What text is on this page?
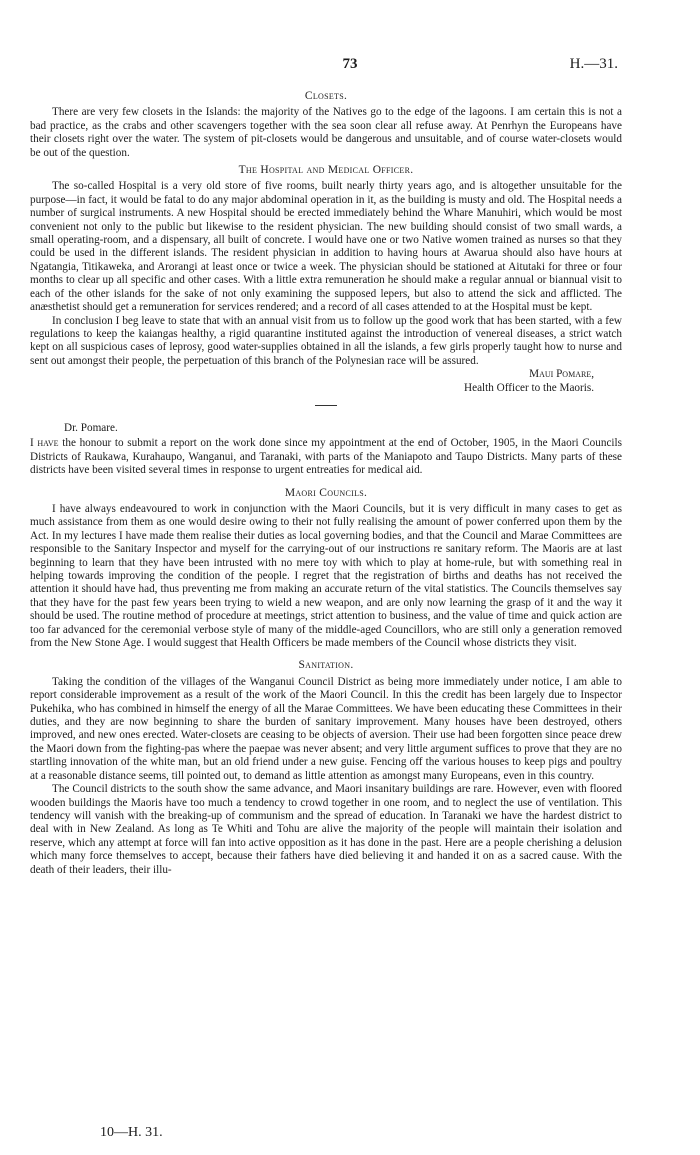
73	H.—31.
Closets.

There are very few closets in the Islands: the majority of the Natives go to the edge of the lagoons. I am certain this is not a bad practice, as the crabs and other scavengers together with the sea soon clear all refuse away. At Penrhyn the Europeans have their closets right over the water. The system of pit-closets would be dangerous and unsuitable, and of course water-closets would be out of the question.

The Hospital and Medical Officer.

The so-called Hospital is a very old store of five rooms, built nearly thirty years ago, and is altogether unsuitable for the purpose—in fact, it would be fatal to do any major abdominal operation in it, as the building is musty and old. The Hospital needs a number of surgical instruments. A new Hospital should be erected immediately behind the Whare Manuhiri, which would be most convenient not only to the public but likewise to the resident physician. The new building should consist of two small wards, a small operating-room, and a dispensary, all built of concrete. I would have one or two Native women trained as nurses so that they could be used in the different islands. The resident physician in addition to having hours at Awarua should also have hours at Ngatangia, Titikaweka, and Arorangi at least once or twice a week. The physician should be stationed at Aitutaki for three or four months to clear up all specific and other cases. With a little extra remuneration he should make a regular annual or biannual visit to each of the other islands for the sake of not only examining the supposed lepers, but also to attend the sick and afflicted. The anæsthetist should get a remuneration for services rendered; and a record of all cases attended to at the Hospital must be kept.

In conclusion I beg leave to state that with an annual visit from us to follow up the good work that has been started, with a few regulations to keep the kaiangas healthy, a rigid quarantine instituted against the introduction of venereal diseases, a strict watch kept on all suspicious cases of leprosy, good water-supplies obtained in all the islands, a few girls properly taught how to nurse and sent out amongst their people, the perpetuation of this branch of the Polynesian race will be assured.

Maui Pomare,
Health Officer to the Maoris.
Dr. Pomare.

I have the honour to submit a report on the work done since my appointment at the end of October, 1905, in the Maori Councils Districts of Raukawa, Kurahaupo, Wanganui, and Taranaki, with parts of the Maniapoto and Taupo Districts. Many parts of these districts have been visited several times in response to urgent entreaties for medical aid.

Maori Councils.

I have always endeavoured to work in conjunction with the Maori Councils, but it is very difficult in many cases to get as much assistance from them as one would desire owing to their not fully realising the amount of power conferred upon them by the Act. In my lectures I have made them realise their duties as local governing bodies, and that the Council and Marae Committees are responsible to the Sanitary Inspector and myself for the carrying-out of our instructions re sanitary reform. The Maoris are at last beginning to learn that they have been intrusted with no mere toy with which to play at home-rule, but with something real in helping towards improving the condition of the people. I regret that the registration of births and deaths has not received the attention it should have had, thus preventing me from making an accurate return of the vital statistics. The Councils themselves say that they have for the past few years been trying to wield a new weapon, and are only now learning the grasp of it and the way it should be used. The routine method of procedure at meetings, strict attention to business, and the value of time and quick action are too far advanced for the ceremonial verbose style of many of the middle-aged Councillors, who are still only a generation removed from the New Stone Age. I would suggest that Health Officers be made members of the Council whose districts they visit.

Sanitation.

Taking the condition of the villages of the Wanganui Council District as being more immediately under notice, I am able to report considerable improvement as a result of the work of the Maori Council. In this the credit has been largely due to Inspector Pukehika, who has combined in himself the energy of all the Marae Committees. We have been educating these Committees in their duties, and they are now beginning to share the burden of sanitary improvement. Many houses have been destroyed, others improved, and new ones erected. Water-closets are ceasing to be objects of aversion. Their use had been forgotten since peace drew the Maori down from the fighting-pas where the paepae was never absent; and very little argument suffices to prove that they are no startling innovation of the white man, but an old friend under a new guise. Fencing off the various houses to keep pigs and poultry at a reasonable distance seems, till pointed out, to demand as little attention as amongst many Europeans, even in this country.

The Council districts to the south show the same advance, and Maori insanitary buildings are rare. However, even with floored wooden buildings the Maoris have too much a tendency to crowd together in one room, and to neglect the use of ventilation. This tendency will vanish with the breaking-up of communism and the spread of education. In Taranaki we have the hardest district to deal with in New Zealand. As long as Te Whiti and Tohu are alive the majority of the people will maintain their isolation and reserve, which any attempt at force will fan into active opposition as it has done in the past. Here are a people cherishing a delusion which many force themselves to accept, because their fathers have died believing it and handed it on as a sacred cause. With the death of their leaders, their illu-

10—H. 31.
